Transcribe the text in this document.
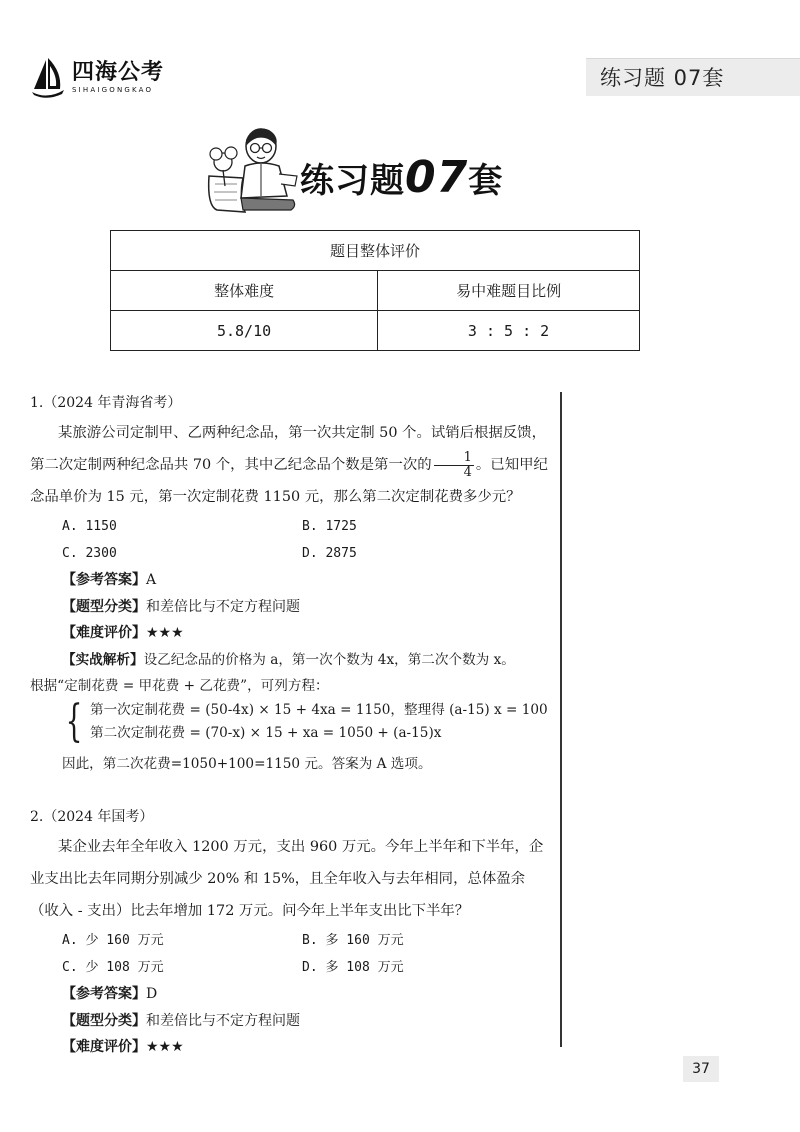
四海公考
SIHAIGONGKAO	练习题 07套
练习题07套
题目整体评价	
整体难度	易中难题目比例
5.8/10	3 : 5 : 2
1.（2024 年青海省考）
某旅游公司定制甲、乙两种纪念品，第一次共定制 50 个。试销后根据反馈，第二次定制两种纪念品共 70 个，其中乙纪念品个数是第一次的 $\frac{1}{4}$ 。已知甲纪念品单价为 15 元，第一次定制花费 1150 元，那么第二次定制花费多少元？
A. 1150	B. 1725
C. 2300	D. 2875
【参考答案】A
【题型分类】和差倍比与不定方程问题
【难度评价】★★★
【实战解析】设乙纪念品的价格为 a，第一次个数为 4x，第二次个数为 x。
根据“定制花费 = 甲花费 + 乙花费”，可列方程：
{ 第一次定制花费 = (50-4x) × 15 + 4xa = 1150，整理得 (a-15) x = 100
第二次定制花费 = (70-x) × 15 + xa = 1050 + (a-15)x
因此，第二次花费=1050+100=1150 元。答案为 A 选项。
2.（2024 年国考）
某企业去年全年收入 1200 万元，支出 960 万元。今年上半年和下半年，企业支出比去年同期分别减少 20% 和 15%，且全年收入与去年相同，总体盈余（收入 - 支出）比去年增加 172 万元。问今年上半年支出比下半年？
A. 少 160 万元	B. 多 160 万元
C. 少 108 万元	D. 多 108 万元
【参考答案】D
【题型分类】和差倍比与不定方程问题
【难度评价】★★★
37
